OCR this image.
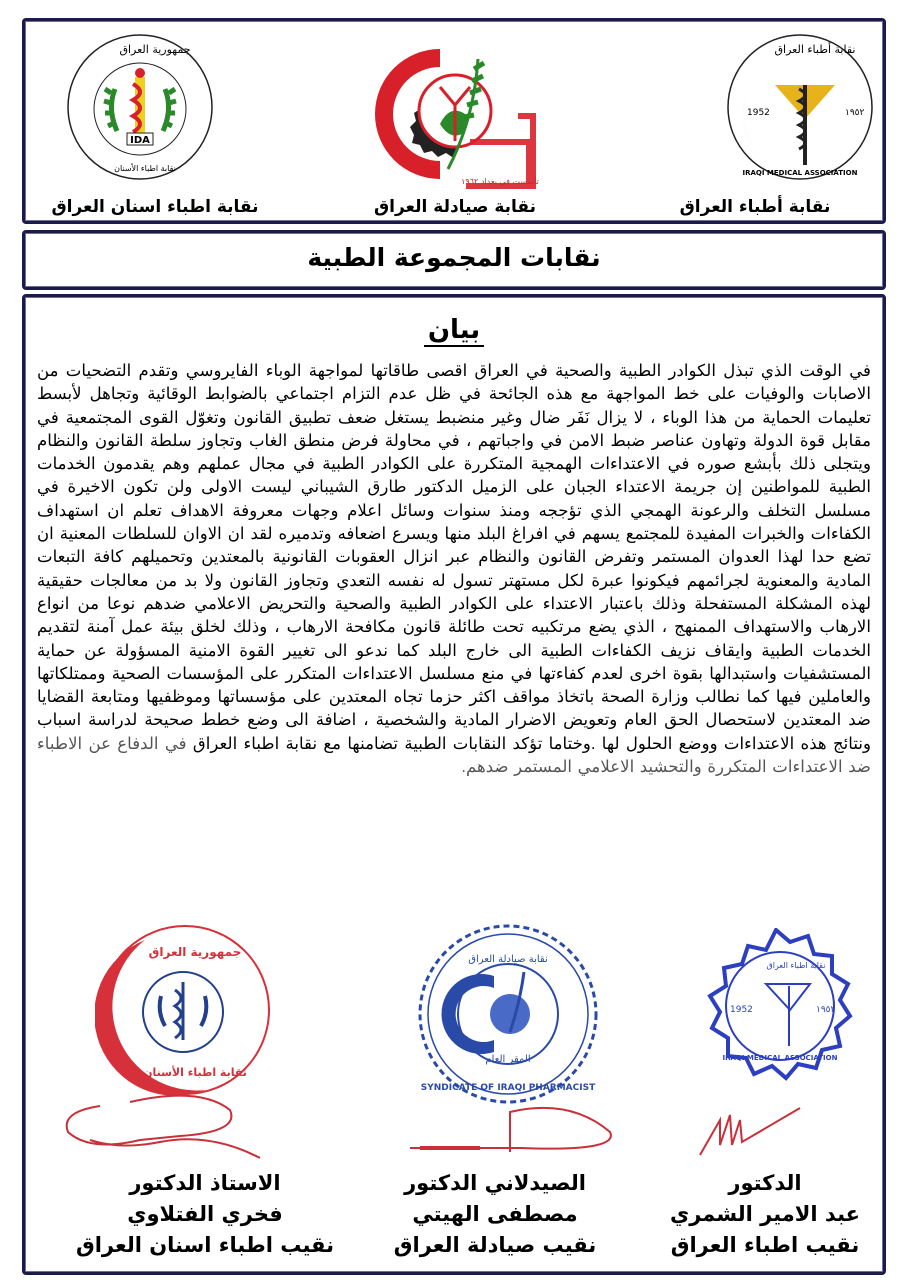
IDA
جمهورية العراق
نقابة اطباء الأسنان
نقابة اطباء اسنان العراق
تأسست في بغداد ١٩٦٢
نقابة صيادلة العراق
1952	١٩٥٢
نقابة أطباء العراق
IRAQI MEDICAL ASSOCIATION
نقابة أطباء العراق
نقابات المجموعة الطبية
بيان
في الوقت الذي تبذل الكوادر الطبية والصحية في العراق اقصى طاقاتها لمواجهة الوباء الفايروسي وتقدم التضحيات من الاصابات والوفيات على خط المواجهة مع هذه الجائحة في ظل عدم التزام اجتماعي بالضوابط الوقائية وتجاهل لأبسط تعليمات الحماية من هذا الوباء ، لا يزال نَفَر ضال وغير منضبط يستغل ضعف تطبيق القانون وتغوّل القوى المجتمعية في مقابل قوة الدولة وتهاون عناصر ضبط الامن في واجباتهم ، في محاولة فرض منطق الغاب وتجاوز سلطة القانون والنظام ويتجلى ذلك بأبشع صوره في الاعتداءات الهمجية المتكررة على الكوادر الطبية في مجال عملهم وهم يقدمون الخدمات الطبية للمواطنين إن جريمة الاعتداء الجبان على الزميل الدكتور طارق الشيباني ليست الاولى ولن تكون الاخيرة في مسلسل التخلف والرعونة الهمجي الذي تؤججه ومنذ سنوات وسائل اعلام وجهات معروفة الاهداف تعلم ان استهداف الكفاءات والخبرات المفيدة للمجتمع يسهم في افراغ البلد منها ويسرع اضعافه وتدميره لقد ان الاوان للسلطات المعنية ان تضع حدا لهذا العدوان المستمر وتفرض القانون والنظام عبر انزال العقوبات القانونية بالمعتدين وتحميلهم كافة التبعات المادية والمعنوية لجرائمهم فيكونوا عبرة لكل مستهتر تسول له نفسه التعدي وتجاوز القانون ولا بد من معالجات حقيقية لهذه المشكلة المستفحلة وذلك باعتبار الاعتداء على الكوادر الطبية والصحية والتحريض الاعلامي ضدهم نوعا من انواع الارهاب والاستهداف الممنهج ، الذي يضع مرتكبيه تحت طائلة قانون مكافحة الارهاب ، وذلك لخلق بيئة عمل آمنة لتقديم الخدمات الطبية وايقاف نزيف الكفاءات الطبية الى خارج البلد كما ندعو الى تغيير القوة الامنية المسؤولة عن حماية المستشفيات واستبدالها بقوة اخرى لعدم كفاءتها في منع مسلسل الاعتداءات المتكرر على المؤسسات الصحية وممتلكاتها والعاملين فيها كما نطالب وزارة الصحة باتخاذ مواقف اكثر حزما تجاه المعتدين على مؤسساتها وموظفيها ومتابعة القضايا ضد المعتدين لاستحصال الحق العام وتعويض الاضرار المادية والشخصية ، اضافة الى وضع خطط صحيحة لدراسة اسباب ونتائج هذه الاعتداءات ووضع الحلول لها .وختاما تؤكد النقابات الطبية تضامنها مع نقابة اطباء العراق في الدفاع عن الاطباء ضد الاعتداءات المتكررة والتحشيد الاعلامي المستمر ضدهم.
1952	١٩٥٢
نقابة اطباء العراق
IRAQI MEDICAL ASSOCIATION
نقابة صيادلة العراق
المقر العام
SYNDICATE OF IRAQI PHARMACIST
جمهورية العراق
نقابة اطباء الأسنان
الدكتور
عبد الامير الشمري
نقيب اطباء العراق
الصيدلاني الدكتور
مصطفى الهيتي
نقيب صيادلة العراق
الاستاذ الدكتور
فخري الفتلاوي
نقيب اطباء اسنان العراق
